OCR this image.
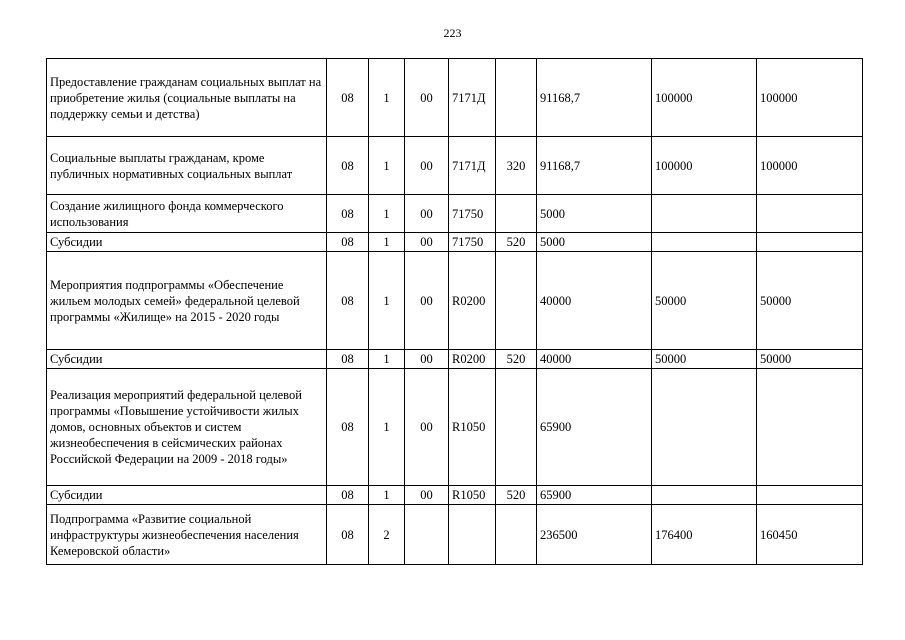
223
Предоставление гражданам социальных выплат на приобретение жилья (социальные выплаты на поддержку семьи и детства)	08	1	00	7171Д		91168,7	100000	100000
Социальные выплаты гражданам, кроме публичных нормативных социальных выплат	08	1	00	7171Д	320	91168,7	100000	100000
Создание жилищного фонда коммерческого использования	08	1	00	71750		5000		
Субсидии	08	1	00	71750	520	5000		
Мероприятия подпрограммы «Обеспечение жильем молодых семей» федеральной целевой программы «Жилище» на 2015 - 2020 годы	08	1	00	R0200		40000	50000	50000
Субсидии	08	1	00	R0200	520	40000	50000	50000
Реализация мероприятий федеральной целевой программы «Повышение устойчивости жилых домов, основных объектов и систем жизнеобеспечения в сейсмических районах Российской Федерации на 2009 - 2018 годы»	08	1	00	R1050		65900		
Субсидии	08	1	00	R1050	520	65900		
Подпрограмма «Развитие социальной инфраструктуры жизнеобеспечения населения Кемеровской области»	08	2				236500	176400	160450
